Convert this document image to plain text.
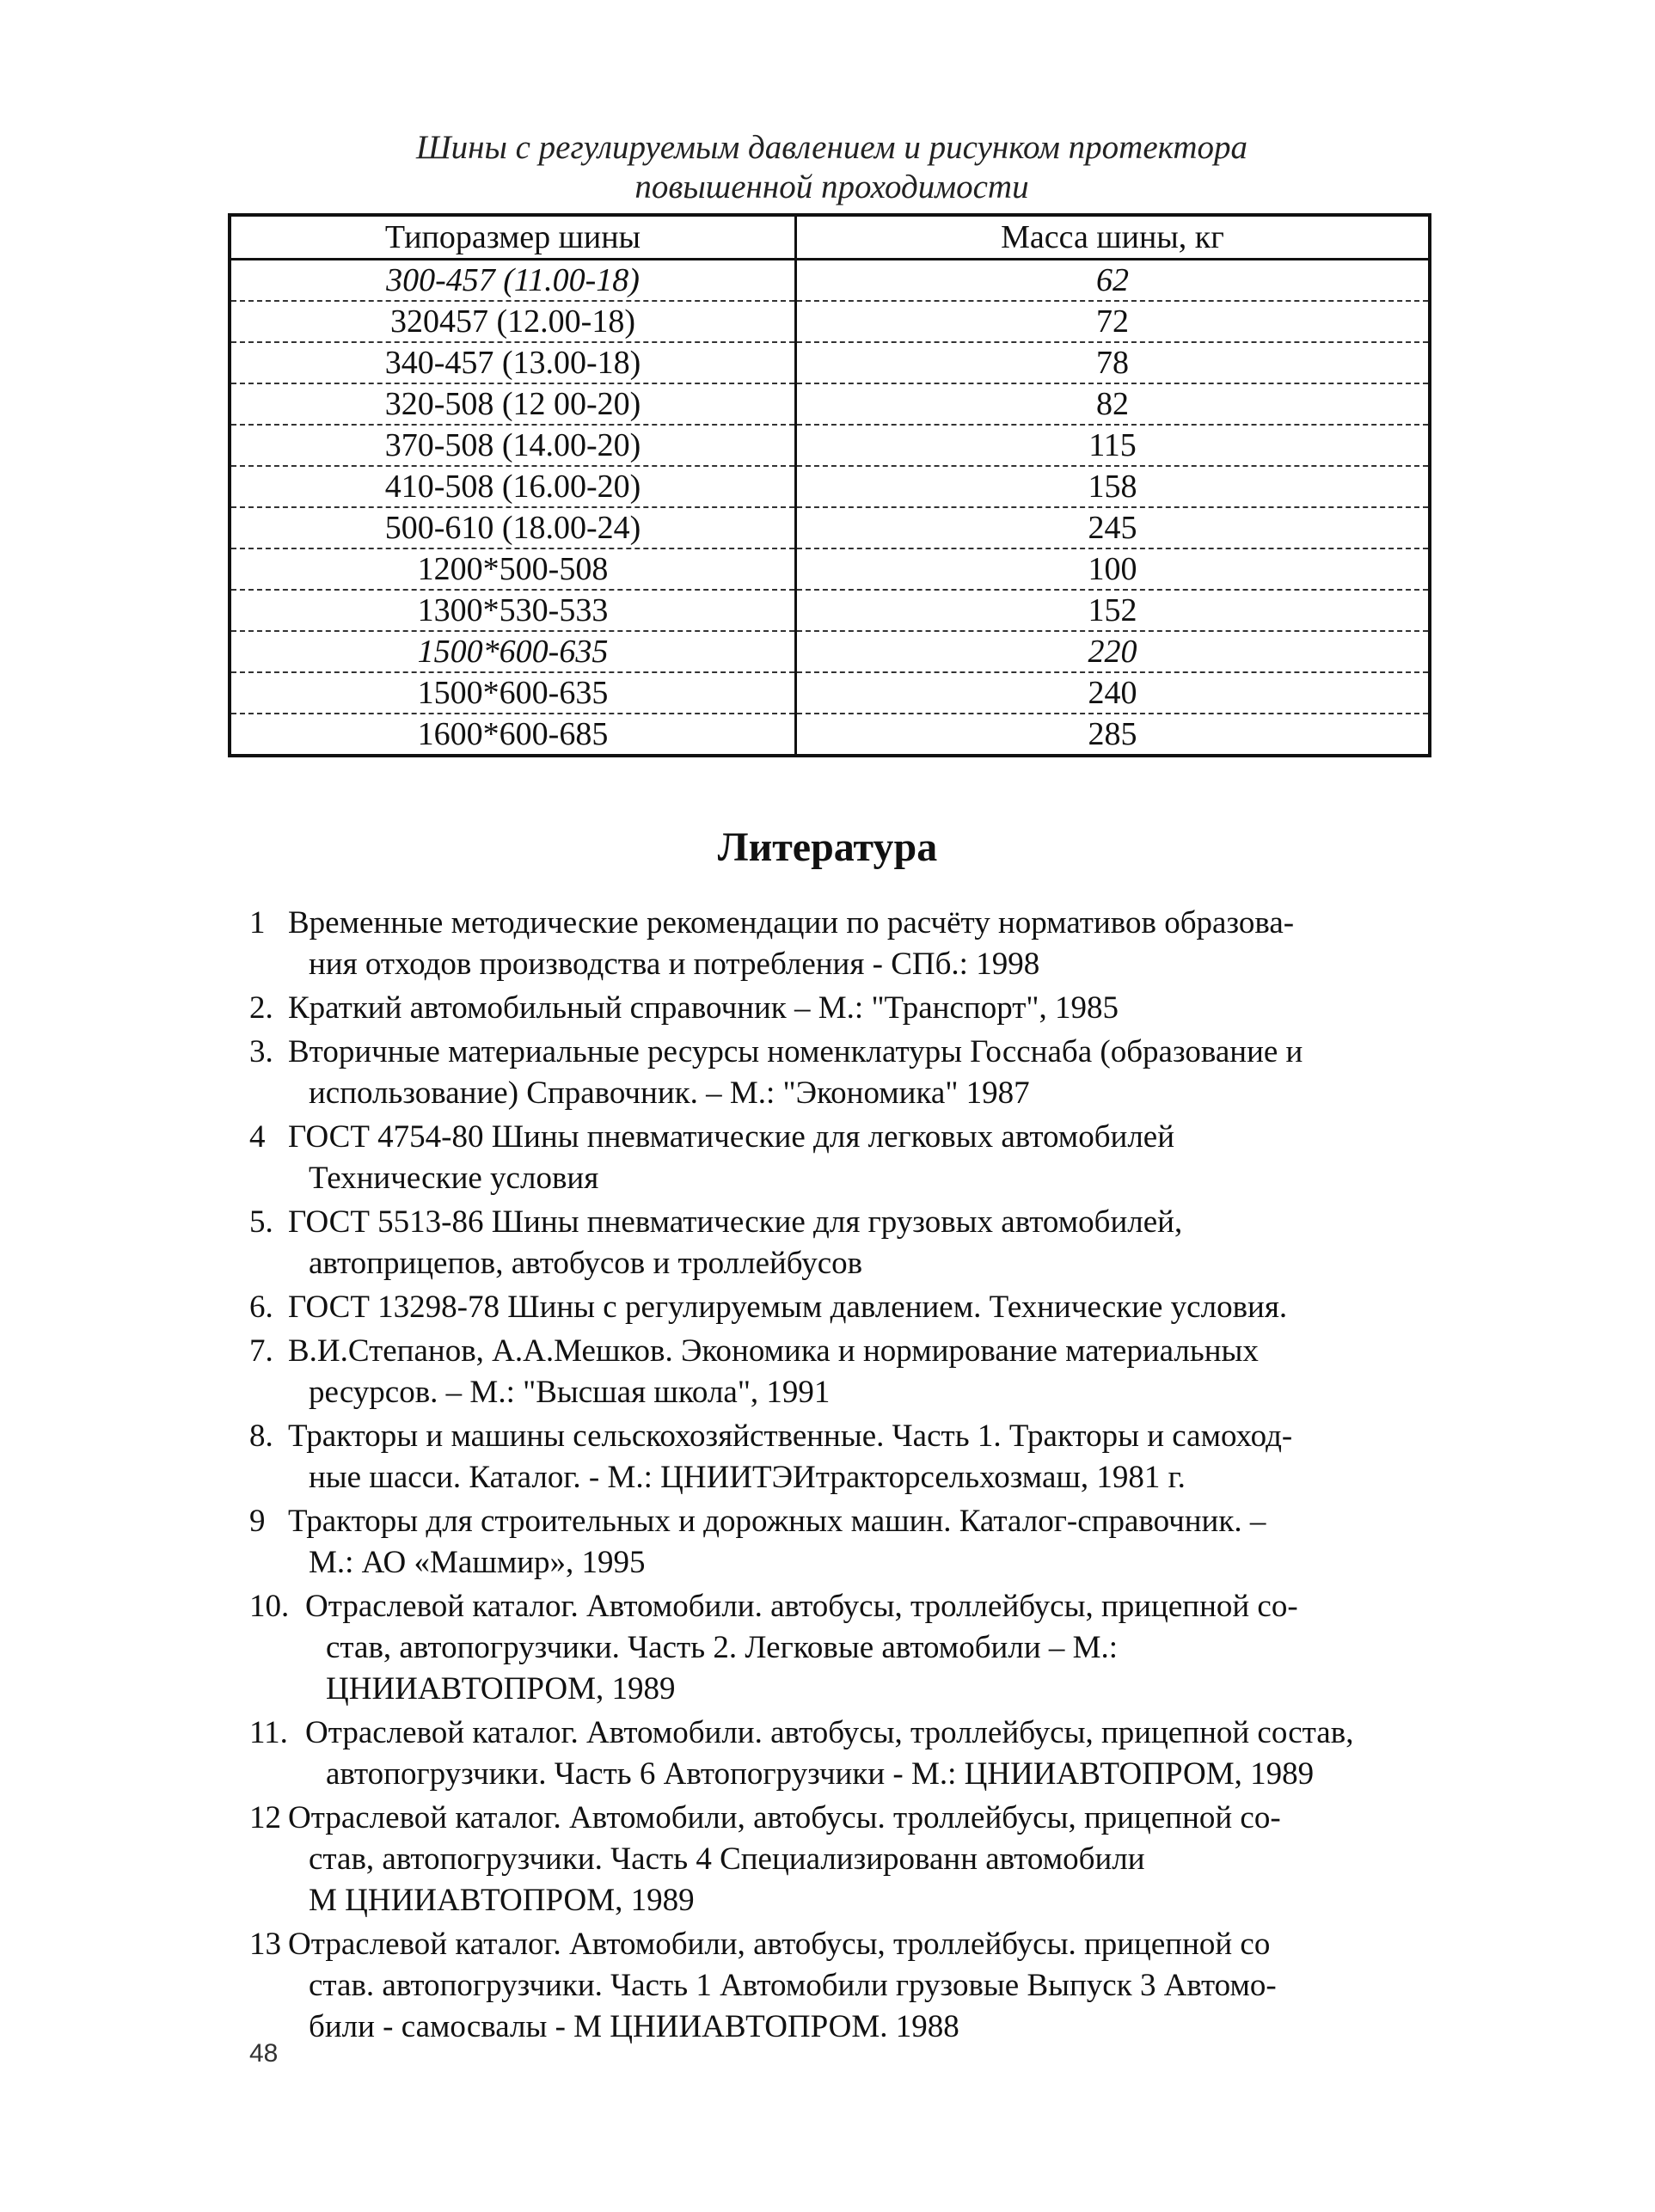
Шины с регулируемым давлением и рисунком протектора
повышенной проходимости
Типоразмер шины	Масса шины, кг
300-457 (11.00-18)	62
320457 (12.00-18)	72
340-457 (13.00-18)	78
320-508 (12 00-20)	82
370-508 (14.00-20)	115
410-508 (16.00-20)	158
500-610 (18.00-24)	245
1200*500-508	100
1300*530-533	152
1500*600-635	220
1500*600-635	240
1600*600-685	285
Литература
1 Временные методические рекомендации по расчёту нормативов образова-
ния отходов производства и потребления - СПб.: 1998
2. Краткий автомобильный справочник – М.: "Транспорт", 1985
3. Вторичные материальные ресурсы номенклатуры Госснаба (образование и
использование) Справочник. – М.: "Экономика" 1987
4 ГОСТ 4754-80 Шины пневматические для легковых автомобилей
Технические условия
5. ГОСТ 5513-86 Шины пневматические для грузовых автомобилей,
автоприцепов, автобусов и троллейбусов
6. ГОСТ 13298-78 Шины с регулируемым давлением. Технические условия.
7. В.И.Степанов, А.А.Мешков. Экономика и нормирование материальных
ресурсов. – М.: "Высшая школа", 1991
8. Тракторы и машины сельскохозяйственные. Часть 1. Тракторы и самоход-
ные шасси. Каталог. - М.: ЦНИИТЭИтракторсельхозмаш, 1981 г.
9 Тракторы для строительных и дорожных машин. Каталог-справочник. –
М.: АО «Машмир», 1995
10. Отраслевой каталог. Автомобили. автобусы, троллейбусы, прицепной со-
став, автопогрузчики. Часть 2. Легковые автомобили – М.:
ЦНИИАВТОПРОМ, 1989
11. Отраслевой каталог. Автомобили. автобусы, троллейбусы, прицепной состав,
автопогрузчики. Часть 6 Автопогрузчики - М.: ЦНИИАВТОПРОМ, 1989
12 Отраслевой каталог. Автомобили, автобусы. троллейбусы, прицепной со-
став, автопогрузчики. Часть 4 Специализированн автомобили
М ЦНИИАВТОПРОМ, 1989
13 Отраслевой каталог. Автомобили, автобусы, троллейбусы. прицепной со
став. автопогрузчики. Часть 1 Автомобили грузовые Выпуск 3 Автомо-
били - самосвалы - М ЦНИИАВТОПРОМ. 1988
48
